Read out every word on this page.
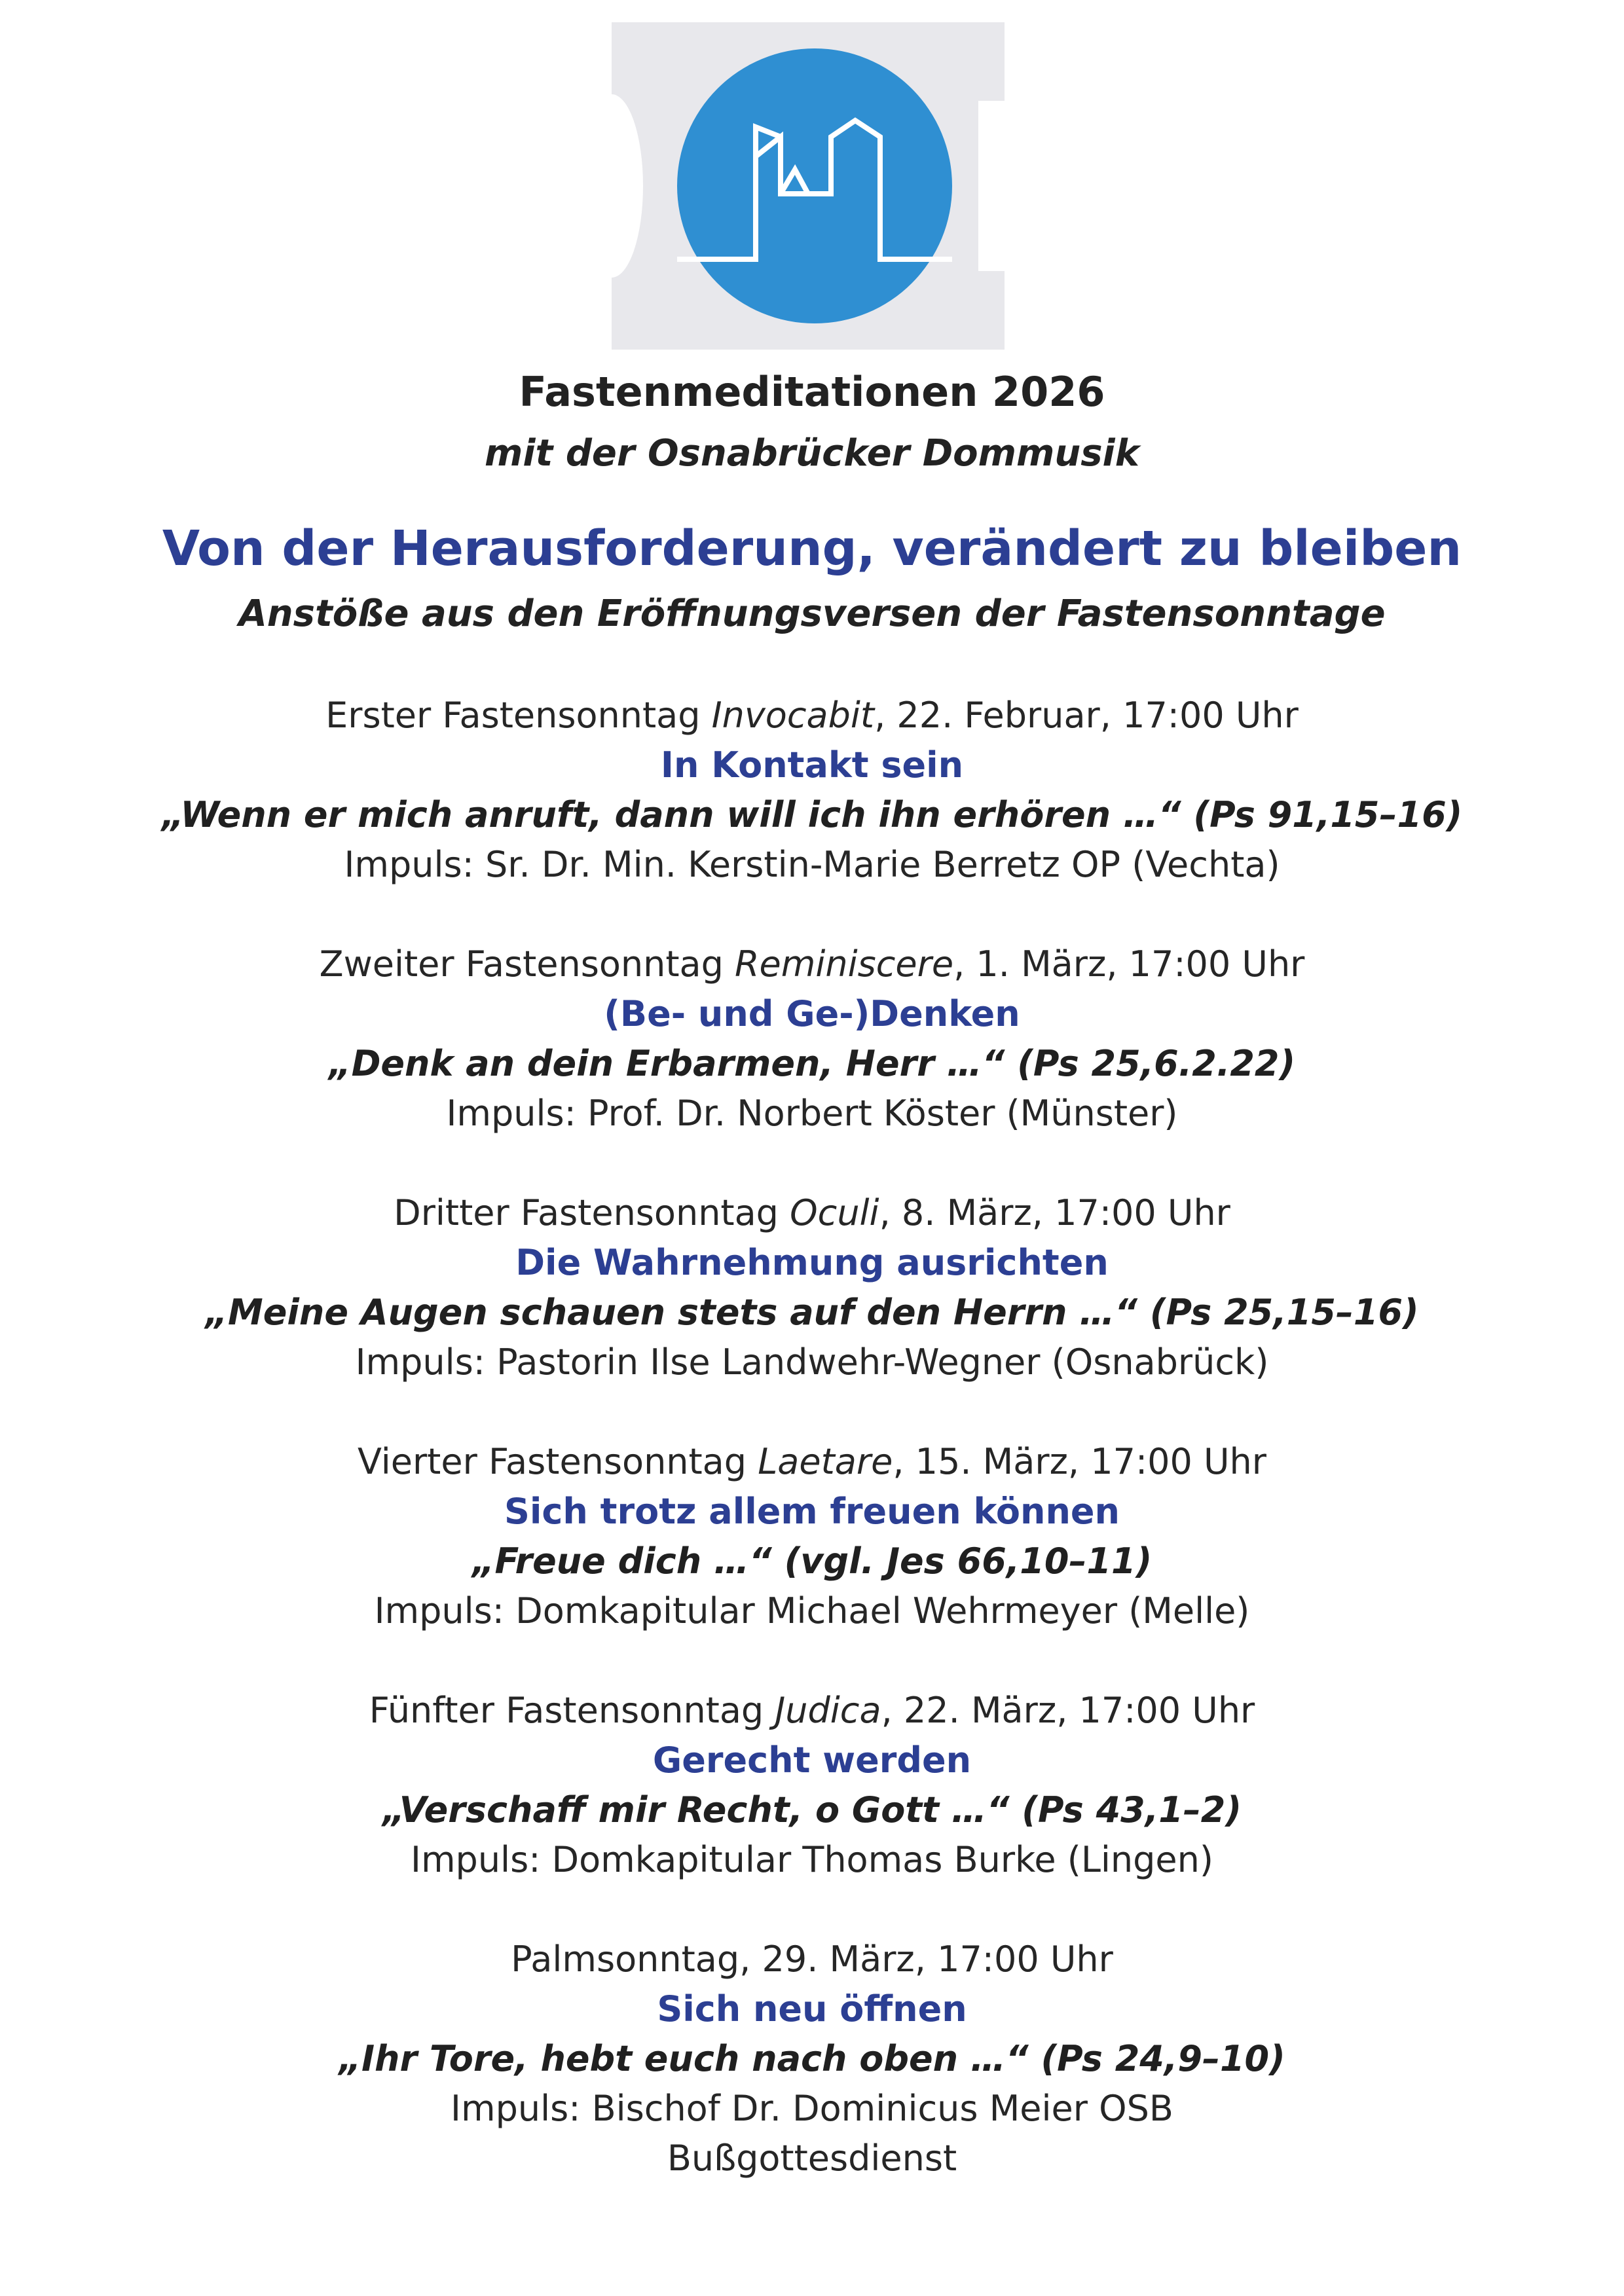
Fastenmeditationen 2026
mit der Osnabrücker Dommusik
Von der Herausforderung, verändert zu bleiben
Anstöße aus den Eröffnungsversen der Fastensonntage
Erster Fastensonntag Invocabit, 22. Februar, 17:00 Uhr
In Kontakt sein
„Wenn er mich anruft, dann will ich ihn erhören …“ (Ps 91,15–16)
Impuls: Sr. Dr. Min. Kerstin-Marie Berretz OP (Vechta)
Zweiter Fastensonntag Reminiscere, 1. März, 17:00 Uhr
(Be- und Ge-)Denken
„Denk an dein Erbarmen, Herr …“ (Ps 25,6.2.22)
Impuls: Prof. Dr. Norbert Köster (Münster)
Dritter Fastensonntag Oculi, 8. März, 17:00 Uhr
Die Wahrnehmung ausrichten
„Meine Augen schauen stets auf den Herrn …“ (Ps 25,15–16)
Impuls: Pastorin Ilse Landwehr-Wegner (Osnabrück)
Vierter Fastensonntag Laetare, 15. März, 17:00 Uhr
Sich trotz allem freuen können
„Freue dich …“ (vgl. Jes 66,10–11)
Impuls: Domkapitular Michael Wehrmeyer (Melle)
Fünfter Fastensonntag Judica, 22. März, 17:00 Uhr
Gerecht werden
„Verschaff mir Recht, o Gott …“ (Ps 43,1–2)
Impuls: Domkapitular Thomas Burke (Lingen)
Palmsonntag, 29. März, 17:00 Uhr
Sich neu öffnen
„Ihr Tore, hebt euch nach oben …“ (Ps 24,9–10)
Impuls: Bischof Dr. Dominicus Meier OSB
Bußgottesdienst
